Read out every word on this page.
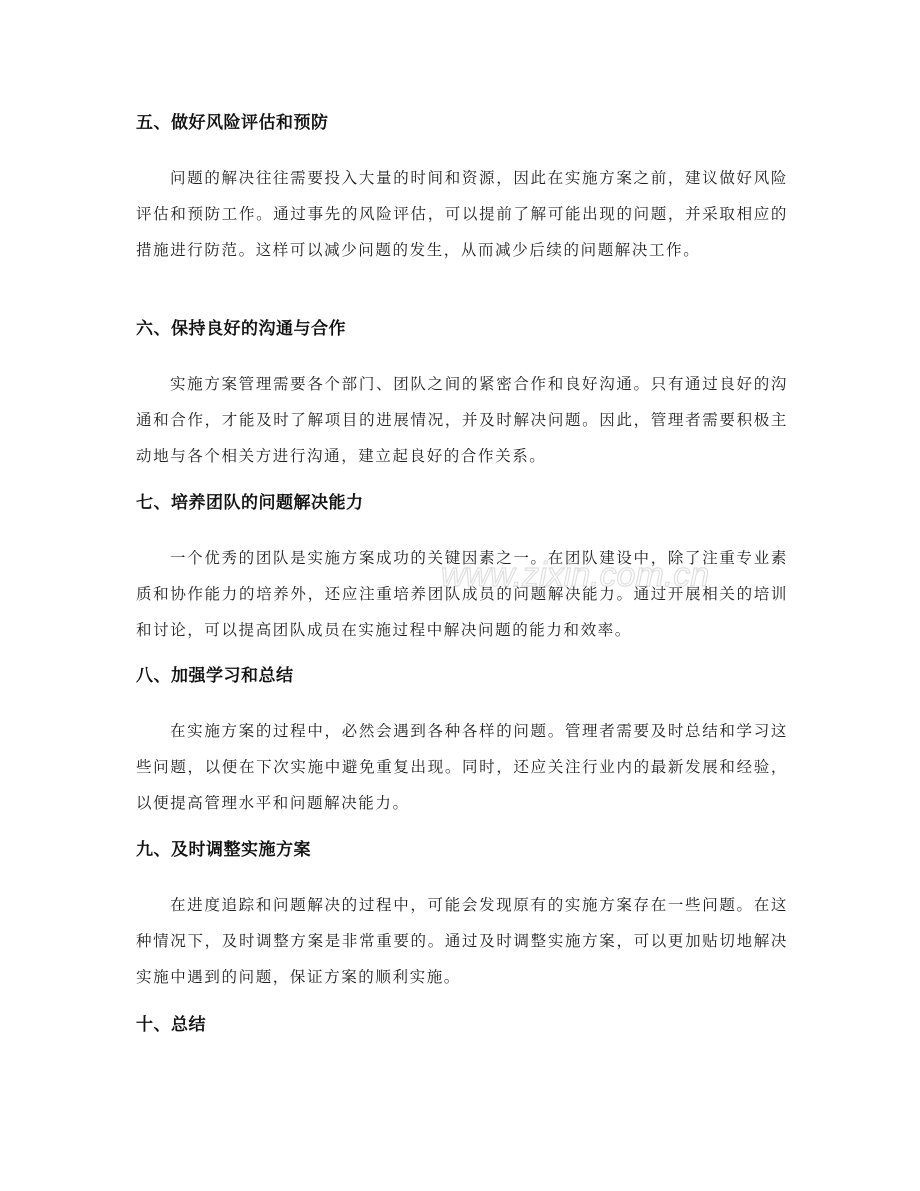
五、做好风险评估和预防

问题的解决往往需要投入大量的时间和资源，因此在实施方案之前，建议做好风险评估和预防工作。通过事先的风险评估，可以提前了解可能出现的问题，并采取相应的措施进行防范。这样可以减少问题的发生，从而减少后续的问题解决工作。

六、保持良好的沟通与合作

实施方案管理需要各个部门、团队之间的紧密合作和良好沟通。只有通过良好的沟通和合作，才能及时了解项目的进展情况，并及时解决问题。因此，管理者需要积极主动地与各个相关方进行沟通，建立起良好的合作关系。

七、培养团队的问题解决能力

一个优秀的团队是实施方案成功的关键因素之一。在团队建设中，除了注重专业素质和协作能力的培养外，还应注重培养团队成员的问题解决能力。通过开展相关的培训和讨论，可以提高团队成员在实施过程中解决问题的能力和效率。

八、加强学习和总结

在实施方案的过程中，必然会遇到各种各样的问题。管理者需要及时总结和学习这些问题，以便在下次实施中避免重复出现。同时，还应关注行业内的最新发展和经验，以便提高管理水平和问题解决能力。

九、及时调整实施方案

在进度追踪和问题解决的过程中，可能会发现原有的实施方案存在一些问题。在这种情况下，及时调整方案是非常重要的。通过及时调整实施方案，可以更加贴切地解决实施中遇到的问题，保证方案的顺利实施。

十、总结
www.zixin.com.cn
